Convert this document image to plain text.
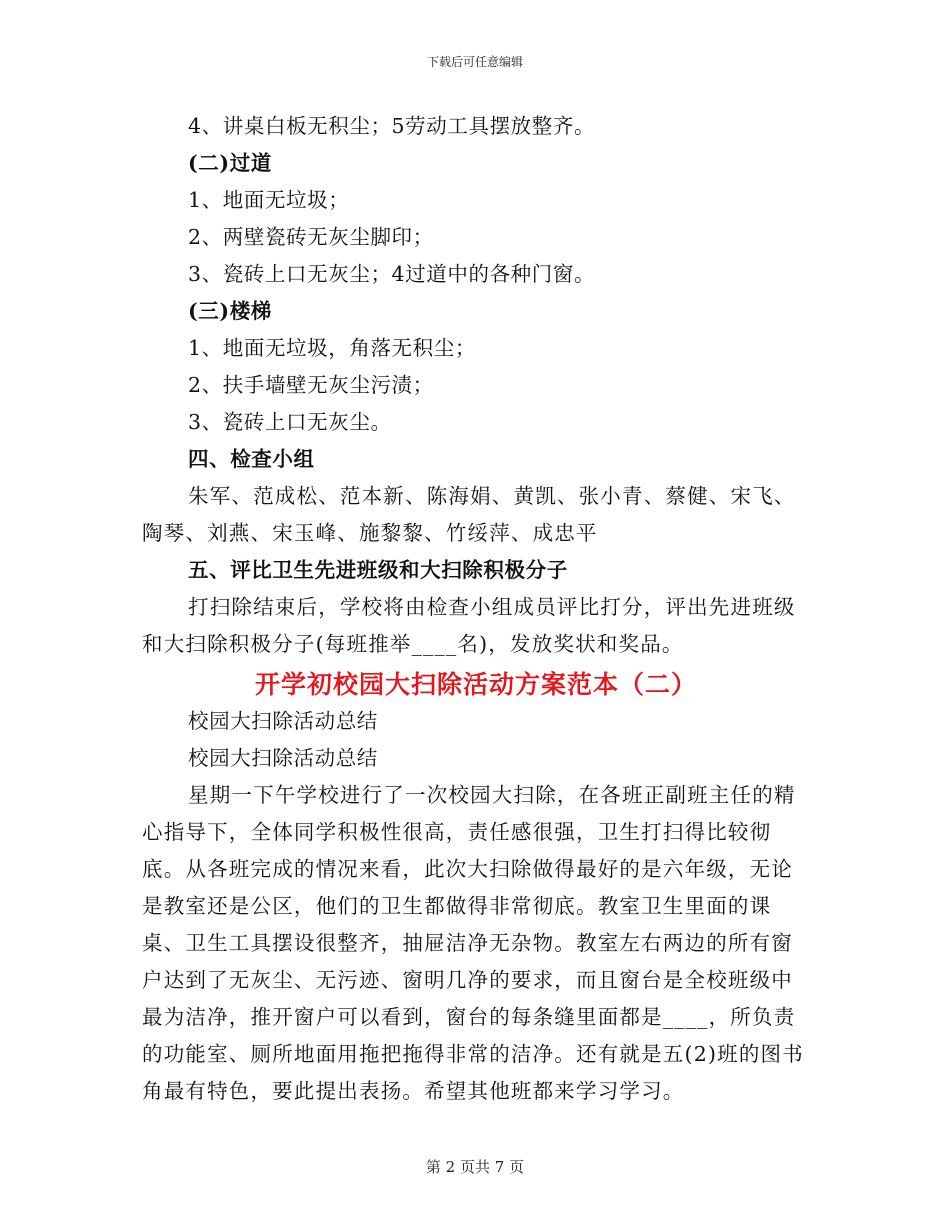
下载后可任意编辑
4、讲桌白板无积尘；5劳动工具摆放整齐。
(二)过道
1、地面无垃圾；
2、两壁瓷砖无灰尘脚印；
3、瓷砖上口无灰尘；4过道中的各种门窗。
(三)楼梯
1、地面无垃圾，角落无积尘；
2、扶手墙壁无灰尘污渍；
3、瓷砖上口无灰尘。
四、检查小组
朱军、范成松、范本新、陈海娟、黄凯、张小青、蔡健、宋飞、陶琴、刘燕、宋玉峰、施黎黎、竹绥萍、成忠平
五、评比卫生先进班级和大扫除积极分子
打扫除结束后，学校将由检查小组成员评比打分，评出先进班级和大扫除积极分子(每班推举____名)，发放奖状和奖品。
开学初校园大扫除活动方案范本（二）
校园大扫除活动总结
校园大扫除活动总结
星期一下午学校进行了一次校园大扫除，在各班正副班主任的精心指导下，全体同学积极性很高，责任感很强，卫生打扫得比较彻底。从各班完成的情况来看，此次大扫除做得最好的是六年级，无论是教室还是公区，他们的卫生都做得非常彻底。教室卫生里面的课桌、卫生工具摆设很整齐，抽屉洁净无杂物。教室左右两边的所有窗户达到了无灰尘、无污迹、窗明几净的要求，而且窗台是全校班级中最为洁净，推开窗户可以看到，窗台的每条缝里面都是____，所负责的功能室、厕所地面用拖把拖得非常的洁净。还有就是五(2)班的图书角最有特色，要此提出表扬。希望其他班都来学习学习。
第 2 页共 7 页
